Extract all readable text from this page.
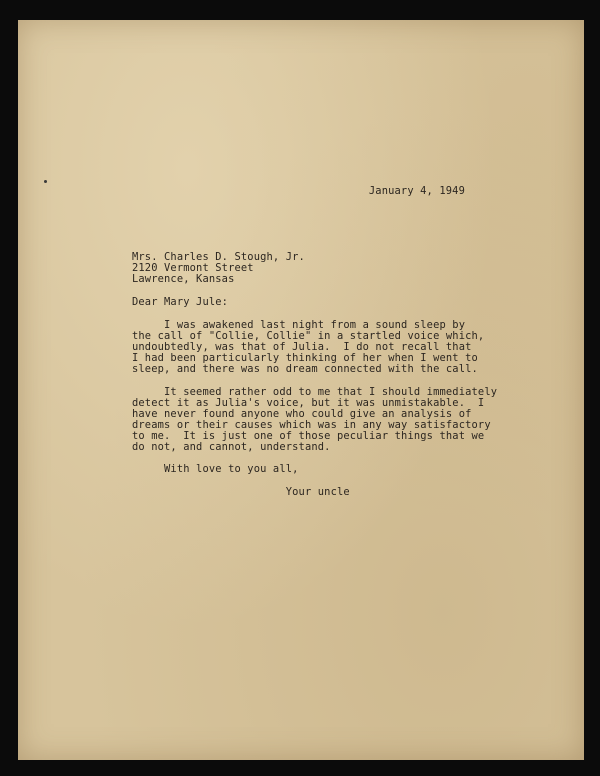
January 4, 1949
Mrs. Charles D. Stough, Jr.
2120 Vermont Street
Lawrence, Kansas
Dear Mary Jule:
I was awakened last night from a sound sleep by
the call of "Collie, Collie" in a startled voice which,
undoubtedly, was that of Julia.  I do not recall that
I had been particularly thinking of her when I went to
sleep, and there was no dream connected with the call.
It seemed rather odd to me that I should immediately
detect it as Julia's voice, but it was unmistakable.  I
have never found anyone who could give an analysis of
dreams or their causes which was in any way satisfactory
to me.  It is just one of those peculiar things that we
do not, and cannot, understand.
With love to you all,
Your uncle
